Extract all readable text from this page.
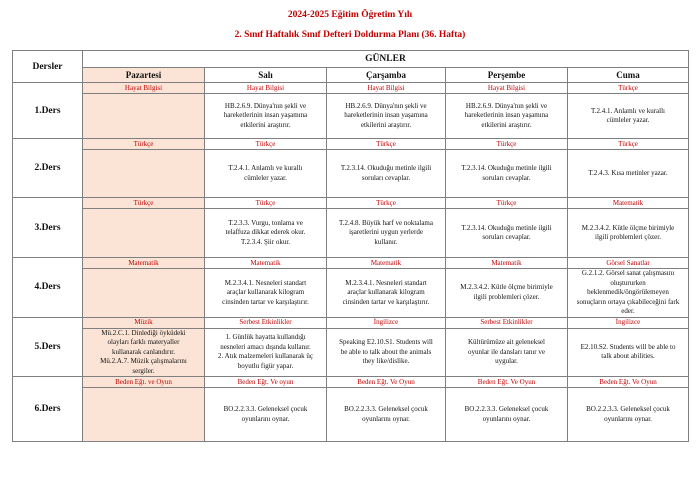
2024-2025 Eğitim Öğretim Yılı
2. Sınıf Haftalık Sınıf Defteri Doldurma Planı (36. Hafta)
Dersler	GÜNLER				
	Pazartesi	Salı	Çarşamba	Perşembe	Cuma
1.Ders	Hayat Bilgisi	Hayat Bilgisi	Hayat Bilgisi	Hayat Bilgisi	Türkçe

		HB.2.6.9. Dünya'nın şekli ve
hareketlerinin insan yaşamına
etkilerini araştırır.	HB.2.6.9. Dünya'nın şekli ve
hareketlerinin insan yaşamına
etkilerini araştırır.	HB.2.6.9. Dünya'nın şekli ve
hareketlerinin insan yaşamına
etkilerini araştırır.	T.2.4.1. Anlamlı ve kurallı
cümleler yazar.

2.Ders	Türkçe	Türkçe	Türkçe	Türkçe	Türkçe

		T.2.4.1. Anlamlı ve kurallı
cümleler yazar.	T.2.3.14. Okuduğu metinle ilgili
soruları cevaplar.	T.2.3.14. Okuduğu metinle ilgili
soruları cevaplar.	T.2.4.3. Kısa metinler yazar.

3.Ders	Türkçe	Türkçe	Türkçe	Türkçe	Matematik

		T.2.3.3. Vurgu, tonlama ve
telaffuza dikkat ederek okur.
T.2.3.4. Şiir okur.	T.2.4.8. Büyük harf ve noktalama
işaretlerini uygun yerlerde
kullanır.	T.2.3.14. Okuduğu metinle ilgili
soruları cevaplar.	M.2.3.4.2. Kütle ölçme birimiyle
ilgili problemleri çözer.

4.Ders	Matematik	Matematik	Matematik	Matematik	Görsel Sanatlar

		M.2.3.4.1. Nesneleri standart
araçlar kullanarak kilogram
cinsinden tartar ve karşılaştırır.	M.2.3.4.1. Nesneleri standart
araçlar kullanarak kilogram
cinsinden tartar ve karşılaştırır.	M.2.3.4.2. Kütle ölçme birimiyle
ilgili problemleri çözer.	G.2.1.2. Görsel sanat çalışmasını
oluştururken
beklenmedik/öngörülemeyen
sonuçların ortaya çıkabileceğini fark
eder.

5.Ders	Müzik	Serbest Etkinlikler	İngilizce	Serbest Etkinlikler	İngilizce

	Mü.2.C.1. Dinlediği öyküdeki
olayları farklı materyaller
kullanarak canlandırır.
Mü.2.A.7. Müzik çalışmalarını
sergiler.	1. Günlük hayatta kullandığı
nesneleri amacı dışında kullanır.
2. Atık malzemeleri kullanarak üç
boyutlu figür yapar.	Speaking E2.10.S1. Students will
be able to talk about the animals
they like/dislike.	Kültürümüze ait geleneksel
oyunlar ile dansları tanır ve
uygular.	E2.10.S2. Students will be able to
talk about abilities.

6.Ders	Beden Eğt. ve Oyun	Beden Eğt. Ve oyun	Beden Eğt. Ve Oyun	Beden Eğt. Ve Oyun	Beden Eğt. Ve Oyun

		BO.2.2.3.3. Geleneksel çocuk
oyunlarını oynar.	BO.2.2.3.3. Geleneksel çocuk
oyunlarını oynar.	BO.2.2.3.3. Geleneksel çocuk
oyunlarını oynar.	BO.2.2.3.3. Geleneksel çocuk
oyunlarını oynar.
